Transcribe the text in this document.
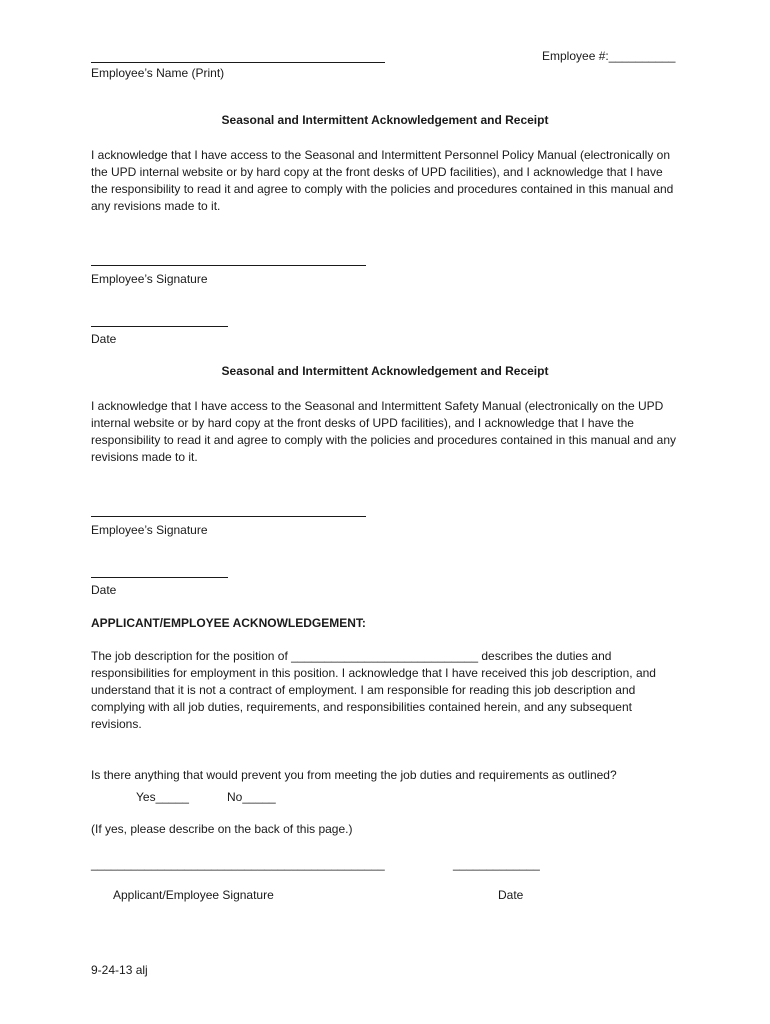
Employee’s Name (Print)
Employee #:__________
Seasonal and Intermittent Acknowledgement and Receipt
I acknowledge that I have access to the Seasonal and Intermittent Personnel Policy Manual (electronically on the UPD internal website or by hard copy at the front desks of UPD facilities), and I acknowledge that I have the responsibility to read it and agree to comply with the policies and procedures contained in this manual and any revisions made to it.
Employee’s Signature
Date
Seasonal and Intermittent Acknowledgement and Receipt
I acknowledge that I have access to the Seasonal and Intermittent Safety Manual (electronically on the UPD internal website or by hard copy at the front desks of UPD facilities), and I acknowledge that I have the responsibility to read it and agree to comply with the policies and procedures contained in this manual and any revisions made to it.
Employee’s Signature
Date
APPLICANT/EMPLOYEE ACKNOWLEDGEMENT:
The job description for the position of ____________________________ describes the duties and responsibilities for employment in this position. I acknowledge that I have received this job description, and understand that it is not a contract of employment. I am responsible for reading this job description and complying with all job duties, requirements, and responsibilities contained herein, and any subsequent revisions.
Is there anything that would prevent you from meeting the job duties and requirements as outlined?
Yes_____	No_____
(If yes, please describe on the back of this page.)
____________________________________________	_____________
Applicant/Employee Signature	Date
9-24-13 alj
